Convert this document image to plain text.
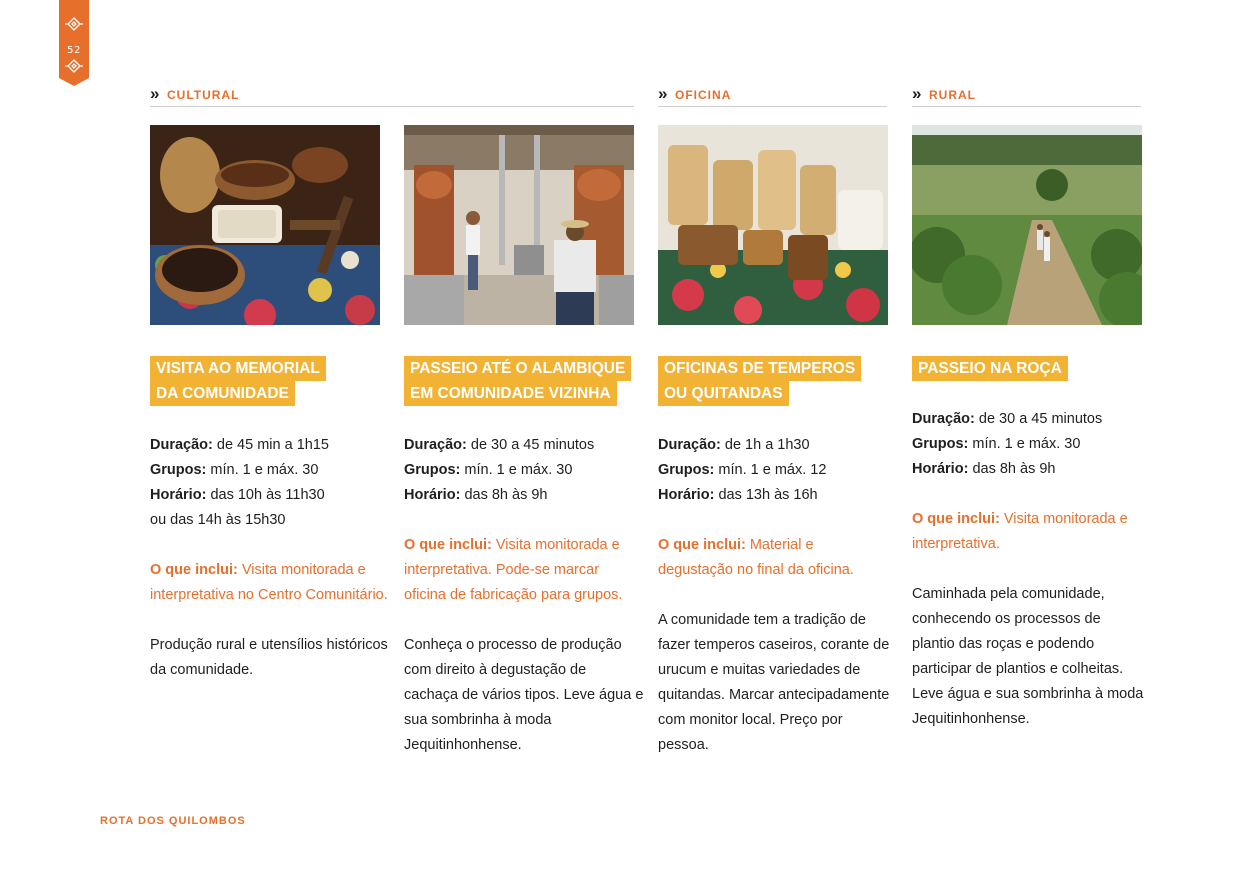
52
» CULTURAL	» OFICINA	» RURAL
VISITA AO MEMORIAL
DA COMUNIDADE
Duração: de 45 min a 1h15
Grupos: mín. 1 e máx. 30
Horário: das 10h às 11h30
ou das 14h às 15h30
O que inclui: Visita monitorada e interpretativa no Centro Comunitário.
Produção rural e utensílios históricos da comunidade.
PASSEIO ATÉ O ALAMBIQUE
EM COMUNIDADE VIZINHA
Duração: de 30 a 45 minutos
Grupos: mín. 1 e máx. 30
Horário: das 8h às 9h
O que inclui: Visita monitorada e interpretativa. Pode-se marcar oficina de fabricação para grupos.
Conheça o processo de produção com direito à degustação de cachaça de vários tipos. Leve água e sua sombrinha à moda Jequitinhonhense.
OFICINAS DE TEMPEROS
OU QUITANDAS
Duração: de 1h a 1h30
Grupos: mín. 1 e máx. 12
Horário: das 13h às 16h
O que inclui: Material e degustação no final da oficina.
A comunidade tem a tradição de fazer temperos caseiros, corante de urucum e muitas variedades de quitandas. Marcar antecipadamente com monitor local. Preço por pessoa.
PASSEIO NA ROÇA
Duração: de 30 a 45 minutos
Grupos: mín. 1 e máx. 30
Horário: das 8h às 9h
O que inclui: Visita monitorada e interpretativa.
Caminhada pela comunidade, conhecendo os processos de plantio das roças e podendo participar de plantios e colheitas. Leve água e sua sombrinha à moda Jequitinhonhense.
ROTA DOS QUILOMBOS
